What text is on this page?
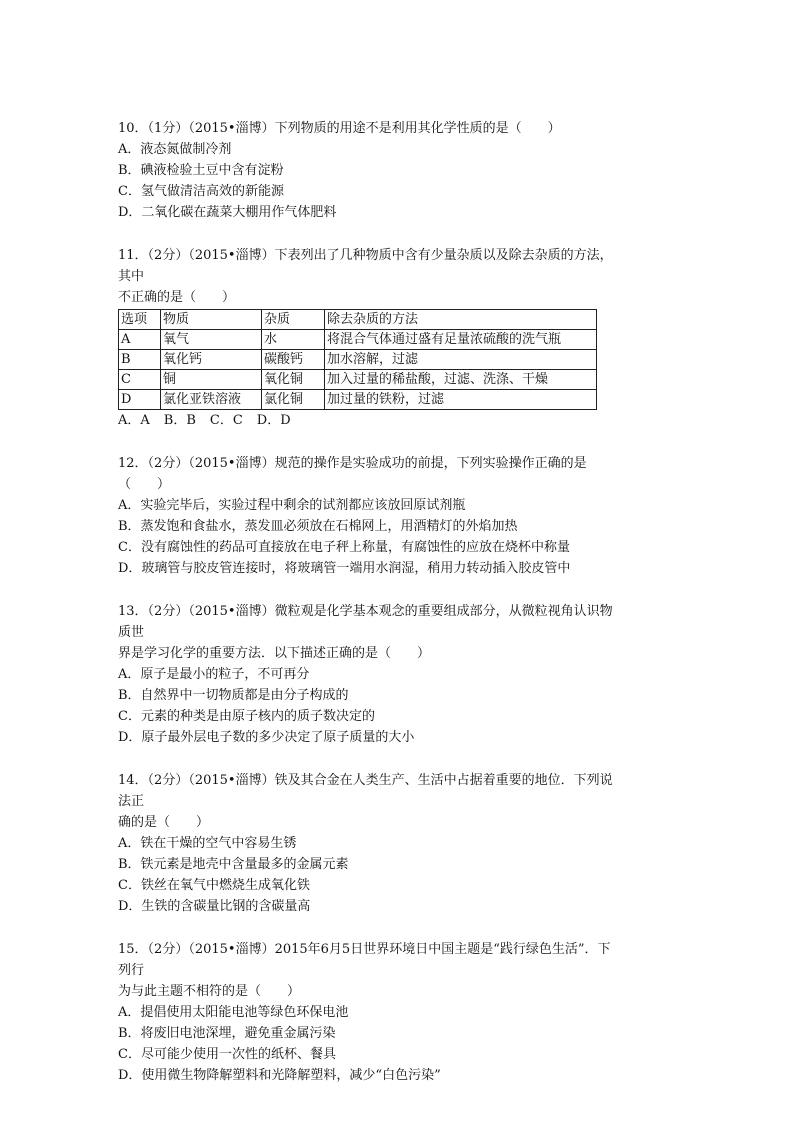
10．（1分）（2015•淄博）下列物质的用途不是利用其化学性质的是（　　）

A．液态氮做制冷剂

B．碘液检验土豆中含有淀粉

C．氢气做清洁高效的新能源

D．二氧化碳在蔬菜大棚用作气体肥料

11．（2分）（2015•淄博）下表列出了几种物质中含有少量杂质以及除去杂质的方法，其中

不正确的是（　　）

选项	物质	杂质	除去杂质的方法
A	氧气	水	将混合气体通过盛有足量浓硫酸的洗气瓶
B	氧化钙	碳酸钙	加水溶解，过滤
C	铜	氧化铜	加入过量的稀盐酸，过滤、洗涤、干燥
D	氯化亚铁溶液	氯化铜	加过量的铁粉，过滤

A．A B．B C．C D．D

12．（2分）（2015•淄博）规范的操作是实验成功的前提，下列实验操作正确的是（　　）

A．实验完毕后，实验过程中剩余的试剂都应该放回原试剂瓶

B．蒸发饱和食盐水，蒸发皿必须放在石棉网上，用酒精灯的外焰加热

C．没有腐蚀性的药品可直接放在电子秤上称量，有腐蚀性的应放在烧杯中称量

D．玻璃管与胶皮管连接时，将玻璃管一端用水润湿，稍用力转动插入胶皮管中

13．（2分）（2015•淄博）微粒观是化学基本观念的重要组成部分，从微粒视角认识物质世

界是学习化学的重要方法．以下描述正确的是（　　）

A．原子是最小的粒子，不可再分

B．自然界中一切物质都是由分子构成的

C．元素的种类是由原子核内的质子数决定的

D．原子最外层电子数的多少决定了原子质量的大小

14．（2分）（2015•淄博）铁及其合金在人类生产、生活中占据着重要的地位．下列说法正

确的是（　　）

A．铁在干燥的空气中容易生锈

B．铁元素是地壳中含量最多的金属元素

C．铁丝在氧气中燃烧生成氧化铁

D．生铁的含碳量比钢的含碳量高

15．（2分）（2015•淄博）2015年6月5日世界环境日中国主题是“践行绿色生活”．下列行

为与此主题不相符的是（　　）

A．提倡使用太阳能电池等绿色环保电池

B．将废旧电池深埋，避免重金属污染

C．尽可能少使用一次性的纸杯、餐具

D．使用微生物降解塑料和光降解塑料，减少“白色污染”
